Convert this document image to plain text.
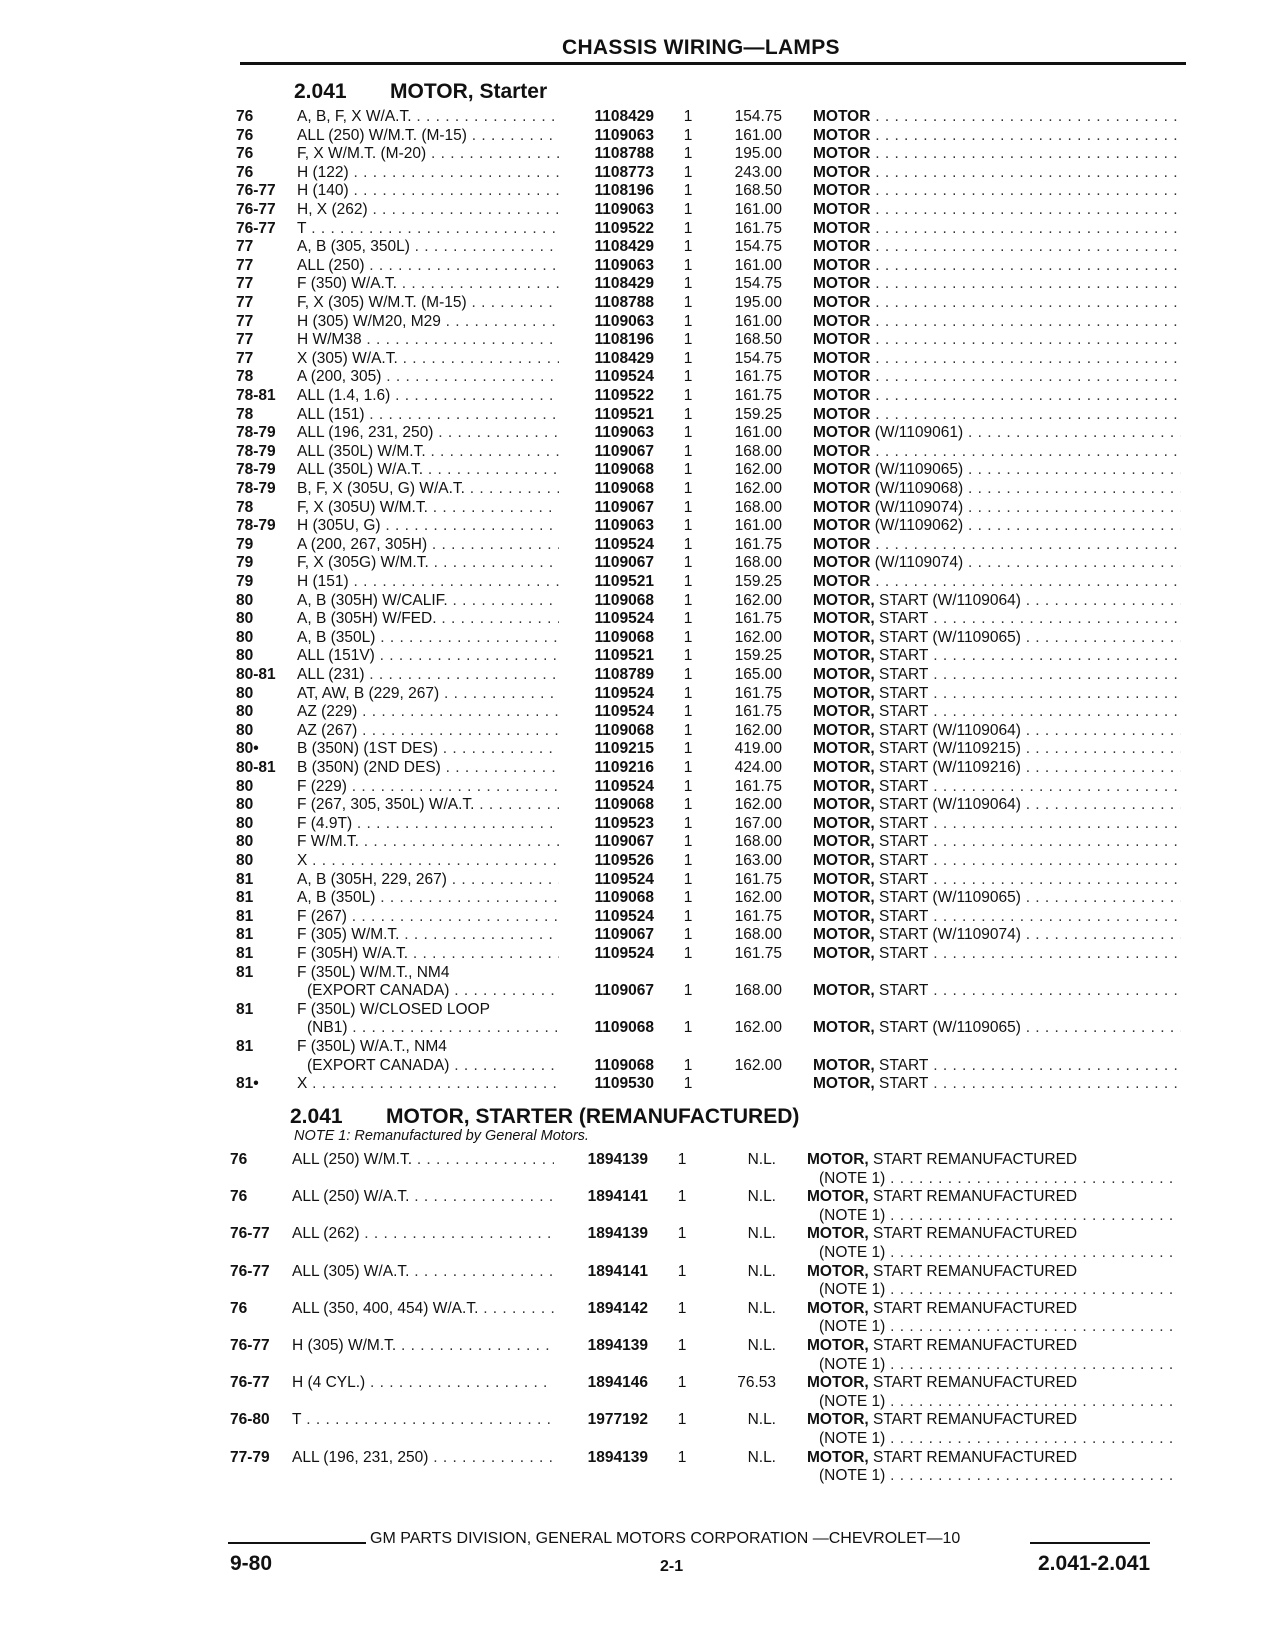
CHASSIS WIRING—LAMPS
2.041 MOTOR, Starter
76	A, B, F, X W/A.T. . . .	1108429	1	154.75 MOTOR . . .
76	ALL (250) W/M.T. (M-15) . . .	1109063	1	161.00 MOTOR . . .
76	F, X W/M.T. (M-20) . . .	1108788	1	195.00 MOTOR . . .
76	H (122) . . .	1108773	1	243.00 MOTOR . . .
76-77	H (140) . . .	1108196	1	168.50 MOTOR . . .
76-77	H, X (262) . . .	1109063	1	161.00 MOTOR . . .
76-77	T . . .	1109522	1	161.75 MOTOR . . .
77	A, B (305, 350L) . . .	1108429	1	154.75 MOTOR . . .
77	ALL (250) . . .	1109063	1	161.00 MOTOR . . .
77	F (350) W/A.T. . . .	1108429	1	154.75 MOTOR . . .
77	F, X (305) W/M.T. (M-15) . . .	1108788	1	195.00 MOTOR . . .
77	H (305) W/M20, M29 . . .	1109063	1	161.00 MOTOR . . .
77	H W/M38 . . .	1108196	1	168.50 MOTOR . . .
77	X (305) W/A.T. . . .	1108429	1	154.75 MOTOR . . .
78	A (200, 305) . . .	1109524	1	161.75 MOTOR . . .
78-81	ALL (1.4, 1.6) . . .	1109522	1	161.75 MOTOR . . .
78	ALL (151) . . .	1109521	1	159.25 MOTOR . . .
78-79	ALL (196, 231, 250) . . .	1109063	1	161.00 MOTOR (W/1109061) . . .
78-79	ALL (350L) W/M.T. . . .	1109067	1	168.00 MOTOR . . .
78-79	ALL (350L) W/A.T. . . .	1109068	1	162.00 MOTOR (W/1109065) . . .
78-79	B, F, X (305U, G) W/A.T. . . .	1109068	1	162.00 MOTOR (W/1109068) . . .
78	F, X (305U) W/M.T. . . .	1109067	1	168.00 MOTOR (W/1109074) . . .
78-79	H (305U, G) . . .	1109063	1	161.00 MOTOR (W/1109062) . . .
79	A (200, 267, 305H) . . .	1109524	1	161.75 MOTOR . . .
79	F, X (305G) W/M.T. . . .	1109067	1	168.00 MOTOR (W/1109074) . . .
79	H (151) . . .	1109521	1	159.25 MOTOR . . .
80	A, B (305H) W/CALIF. . . .	1109068	1	162.00 MOTOR, START (W/1109064) . . .
80	A, B (305H) W/FED. . . .	1109524	1	161.75 MOTOR, START . . .
80	A, B (350L) . . .	1109068	1	162.00 MOTOR, START (W/1109065) . . .
80	ALL (151V) . . .	1109521	1	159.25 MOTOR, START . . .
80-81	ALL (231) . . .	1108789	1	165.00 MOTOR, START . . .
80	AT, AW, B (229, 267) . . .	1109524	1	161.75 MOTOR, START . . .
80	AZ (229) . . .	1109524	1	161.75 MOTOR, START . . .
80	AZ (267) . . .	1109068	1	162.00 MOTOR, START (W/1109064) . . .
80•	B (350N) (1ST DES) . . .	1109215	1	419.00 MOTOR, START (W/1109215) . . .
80-81	B (350N) (2ND DES) . . .	1109216	1	424.00 MOTOR, START (W/1109216) . . .
80	F (229) . . .	1109524	1	161.75 MOTOR, START . . .
80	F (267, 305, 350L) W/A.T. . . .	1109068	1	162.00 MOTOR, START (W/1109064) . . .
80	F (4.9T) . . .	1109523	1	167.00 MOTOR, START . . .
80	F W/M.T. . . .	1109067	1	168.00 MOTOR, START . . .
80	X . . .	1109526	1	163.00 MOTOR, START . . .
81	A, B (305H, 229, 267) . . .	1109524	1	161.75 MOTOR, START . . .
81	A, B (350L) . . .	1109068	1	162.00 MOTOR, START (W/1109065) . . .
81	F (267) . . .	1109524	1	161.75 MOTOR, START . . .
81	F (305) W/M.T. . . .	1109067	1	168.00 MOTOR, START (W/1109074) . . .
81	F (305H) W/A.T. . . .	1109524	1	161.75 MOTOR, START . . .
81	F (350L) W/M.T., NM4
(EXPORT CANADA) . . .	1109067	1	168.00 MOTOR, START . . .
81	F (350L) W/CLOSED LOOP
(NB1) . . .	1109068	1	162.00 MOTOR, START (W/1109065) . . .
81	F (350L) W/A.T., NM4
(EXPORT CANADA) . . .	1109068	1	162.00 MOTOR, START . . .
81•	X . . .	1109530	1	MOTOR, START . . .
2.041 MOTOR, STARTER (REMANUFACTURED)
NOTE 1: Remanufactured by General Motors.
76	ALL (250) W/M.T. . . .	1894139	1	N.L. MOTOR, START REMANUFACTURED
(NOTE 1) . . .
76	ALL (250) W/A.T. . . .	1894141	1	N.L. MOTOR, START REMANUFACTURED
(NOTE 1) . . .
76-77	ALL (262) . . .	1894139	1	N.L. MOTOR, START REMANUFACTURED
(NOTE 1) . . .
76-77	ALL (305) W/A.T. . . .	1894141	1	N.L. MOTOR, START REMANUFACTURED
(NOTE 1) . . .
76	ALL (350, 400, 454) W/A.T. . . .	1894142	1	N.L. MOTOR, START REMANUFACTURED
(NOTE 1) . . .
76-77	H (305) W/M.T. . . .	1894139	1	N.L. MOTOR, START REMANUFACTURED
(NOTE 1) . . .
76-77	H (4 CYL.) . . .	1894146	1	76.53 MOTOR, START REMANUFACTURED
(NOTE 1) . . .
76-80	T . . .	1977192	1	N.L. MOTOR, START REMANUFACTURED
(NOTE 1) . . .
77-79	ALL (196, 231, 250) . . .	1894139	1	N.L. MOTOR, START REMANUFACTURED
(NOTE 1) . . .
GM PARTS DIVISION, GENERAL MOTORS CORPORATION —CHEVROLET—10
9-80	2-1	2.041-2.041
